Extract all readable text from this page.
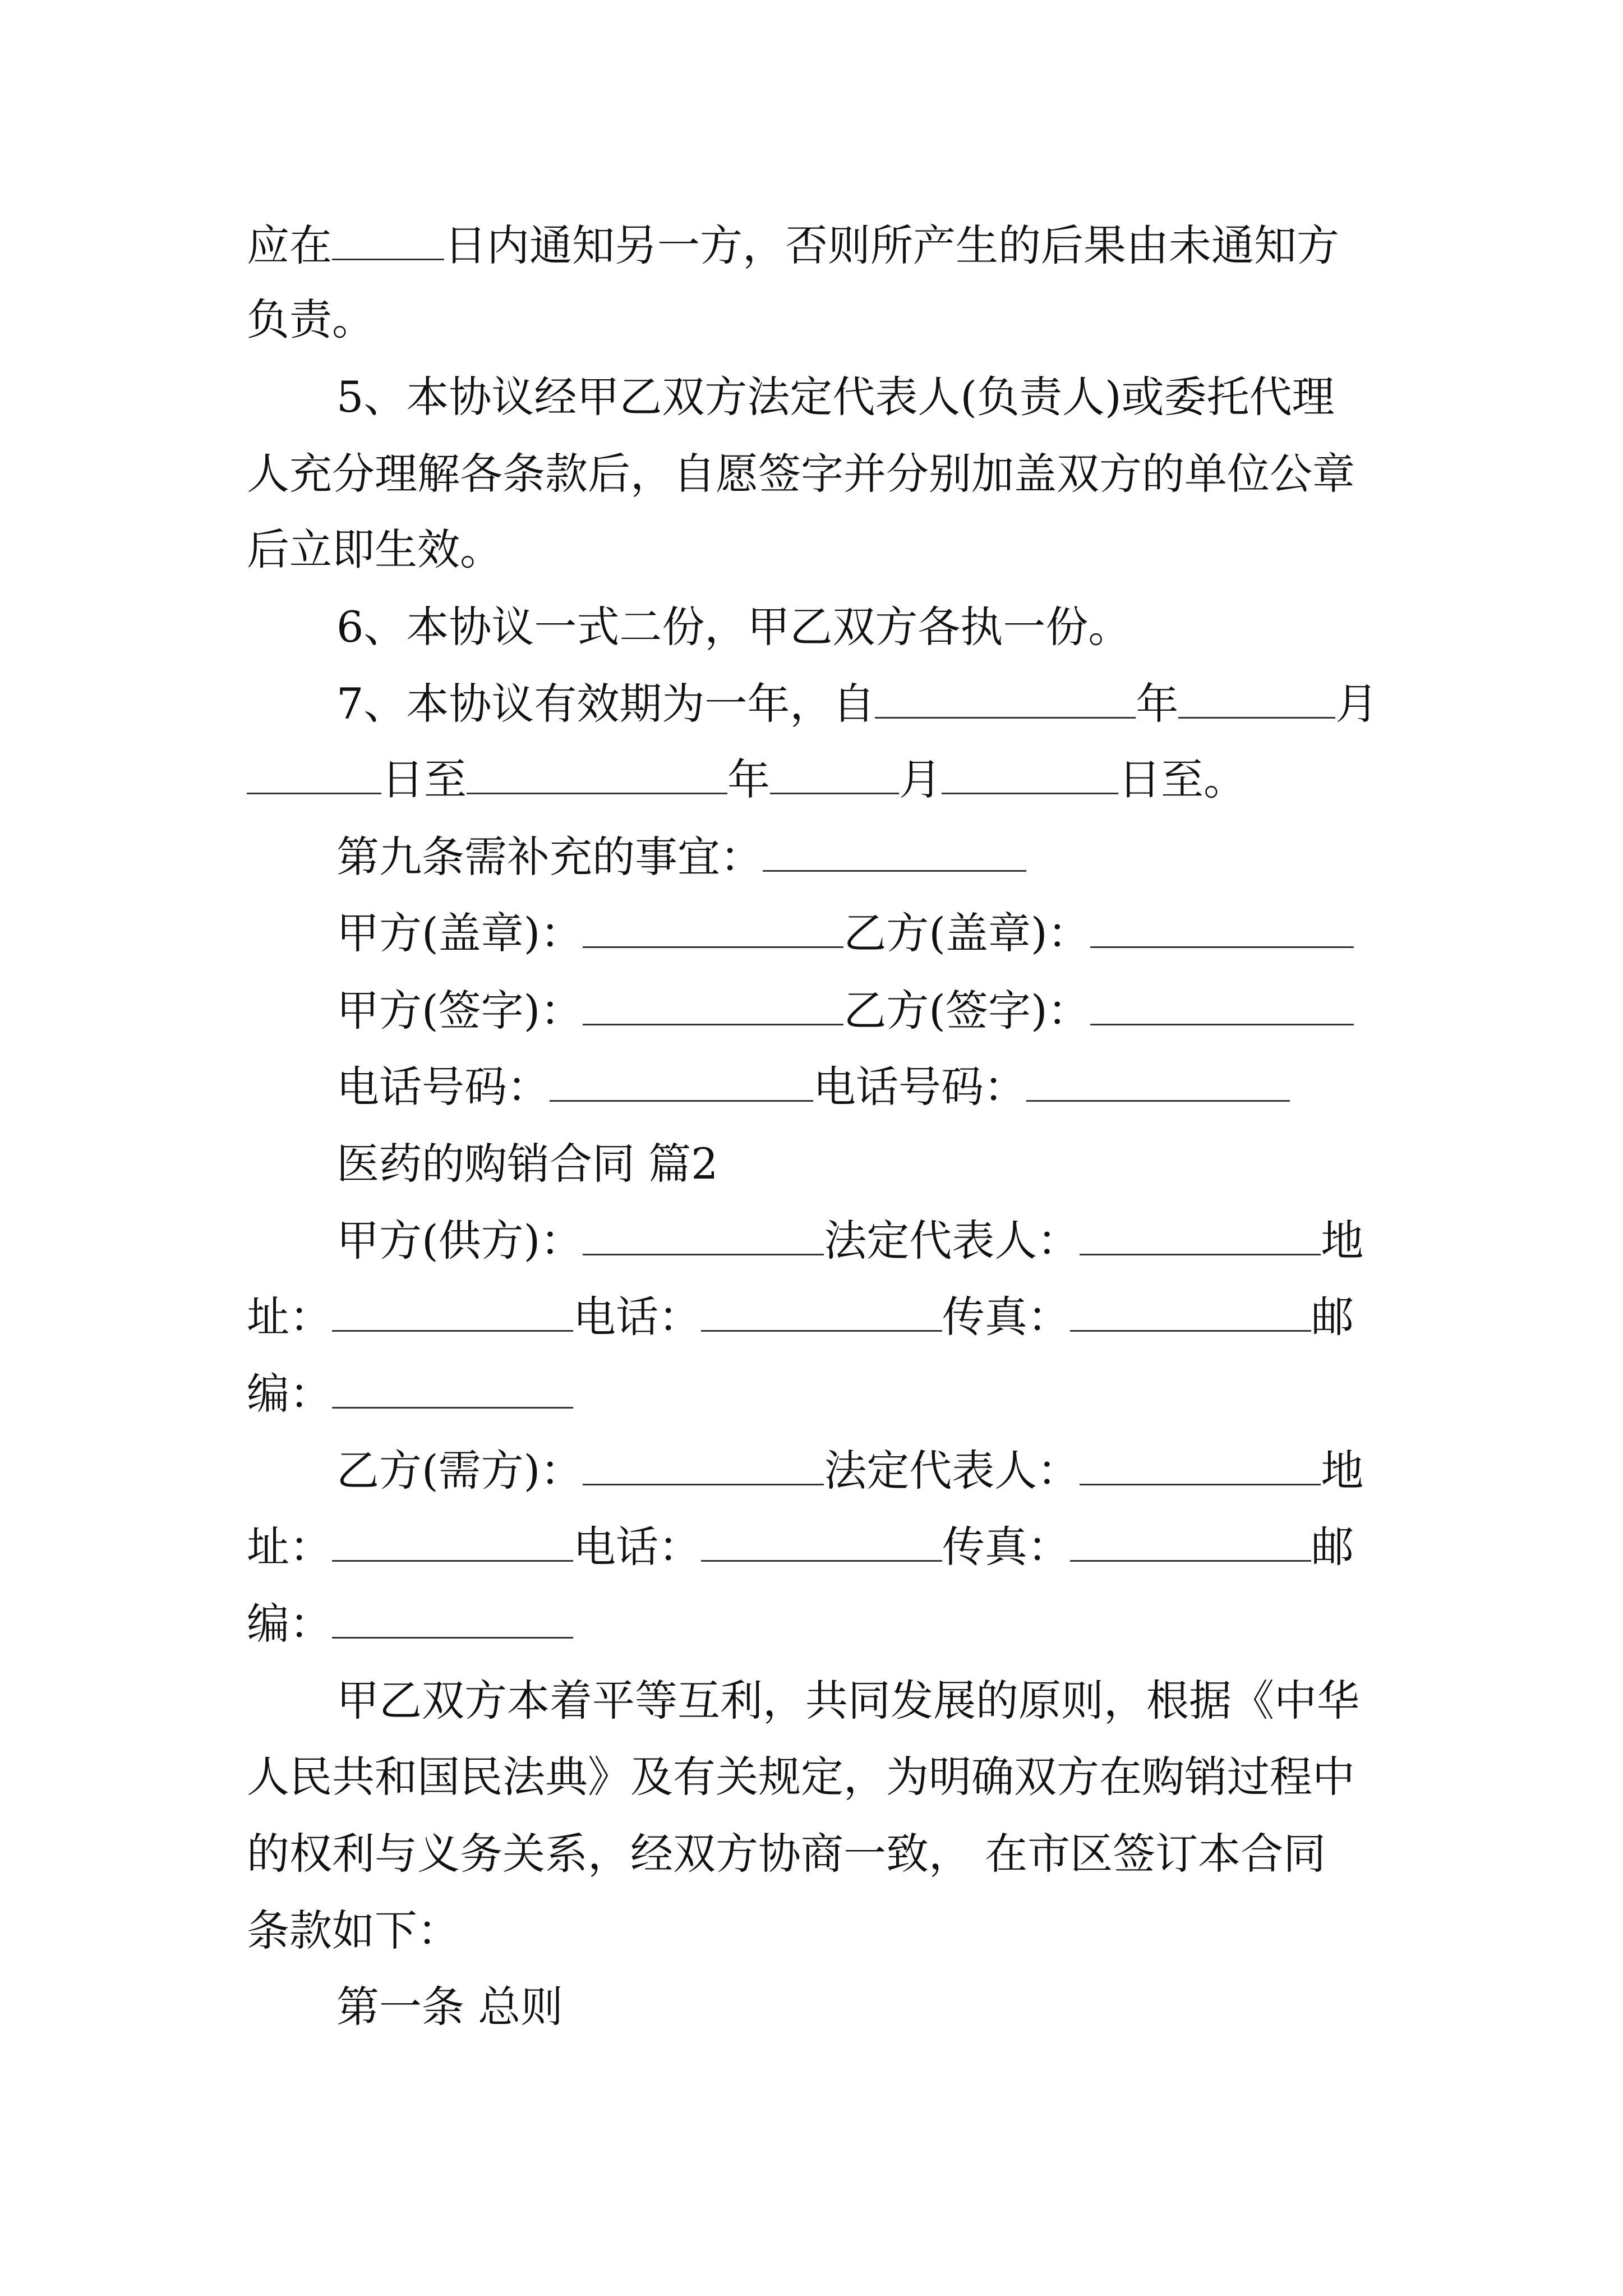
应在	日内通知另一方，否则所产生的后果由未通知方
负责。
5、本协议经甲乙双方法定代表人(负责人)或委托代理
人充分理解各条款后，自愿签字并分别加盖双方的单位公章
后立即生效。
6、本协议一式二份，甲乙双方各执一份。
7、本协议有效期为一年，自	年	月
日至	年	月	日至。
第九条需补充的事宜：
甲方(盖章)：	乙方(盖章)：
甲方(签字)：	乙方(签字)：
电话号码：	电话号码：
医药的购销合同 篇2
甲方(供方)：	法定代表人：	地
址：	电话：	传真：	邮
编：
乙方(需方)：	法定代表人：	地
址：	电话：	传真：	邮
编：
甲乙双方本着平等互利，共同发展的原则，根据《中华
人民共和国民法典》及有关规定，为明确双方在购销过程中
的权利与义务关系，经双方协商一致， 在市区签订本合同
条款如下：
第一条 总则
